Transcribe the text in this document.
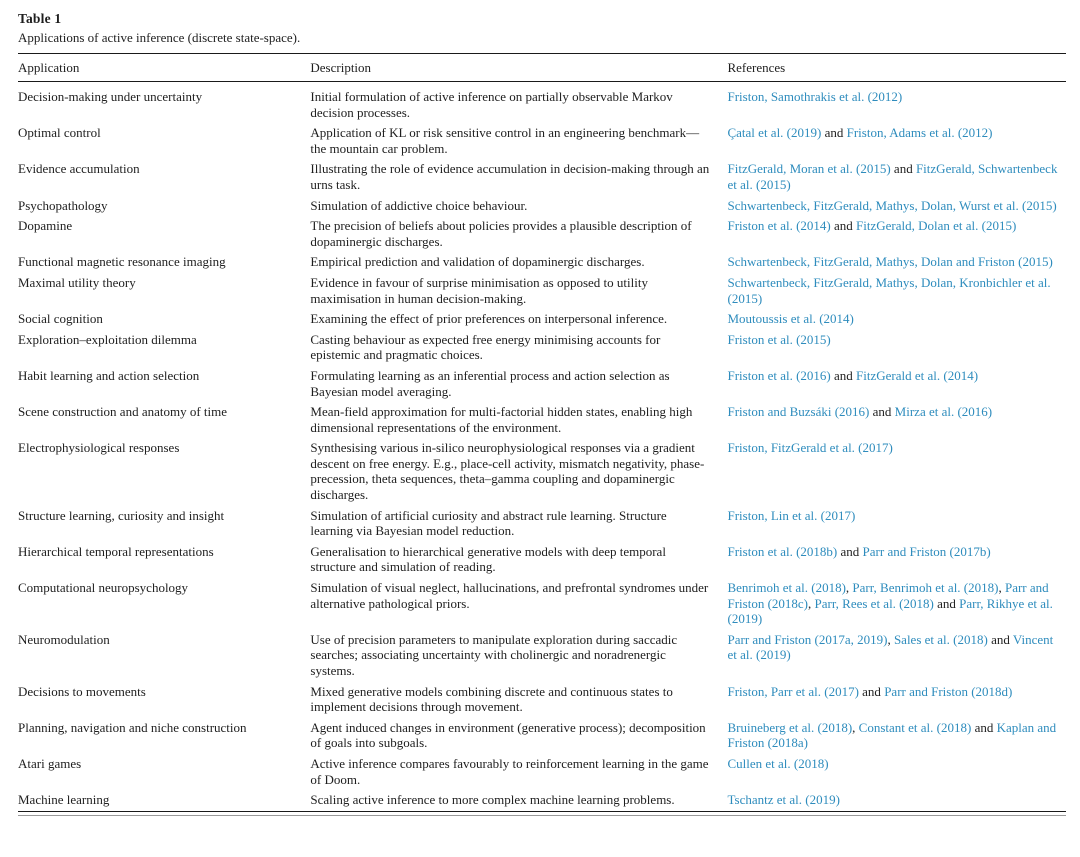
Table 1
Applications of active inference (discrete state-space).
Application	Description	References
Decision-making under uncertainty	Initial formulation of active inference on partially observable Markov decision processes.	Friston, Samothrakis et al. (2012)
Optimal control	Application of KL or risk sensitive control in an engineering benchmark—the mountain car problem.	Çatal et al. (2019) and Friston, Adams et al. (2012)
Evidence accumulation	Illustrating the role of evidence accumulation in decision-making through an urns task.	FitzGerald, Moran et al. (2015) and FitzGerald, Schwartenbeck et al. (2015)
Psychopathology	Simulation of addictive choice behaviour.	Schwartenbeck, FitzGerald, Mathys, Dolan, Wurst et al. (2015)
Dopamine	The precision of beliefs about policies provides a plausible description of dopaminergic discharges.	Friston et al. (2014) and FitzGerald, Dolan et al. (2015)
Functional magnetic resonance imaging	Empirical prediction and validation of dopaminergic discharges.	Schwartenbeck, FitzGerald, Mathys, Dolan and Friston (2015)
Maximal utility theory	Evidence in favour of surprise minimisation as opposed to utility maximisation in human decision-making.	Schwartenbeck, FitzGerald, Mathys, Dolan, Kronbichler et al. (2015)
Social cognition	Examining the effect of prior preferences on interpersonal inference.	Moutoussis et al. (2014)
Exploration–exploitation dilemma	Casting behaviour as expected free energy minimising accounts for epistemic and pragmatic choices.	Friston et al. (2015)
Habit learning and action selection	Formulating learning as an inferential process and action selection as Bayesian model averaging.	Friston et al. (2016) and FitzGerald et al. (2014)
Scene construction and anatomy of time	Mean-field approximation for multi-factorial hidden states, enabling high dimensional representations of the environment.	Friston and Buzsáki (2016) and Mirza et al. (2016)
Electrophysiological responses	Synthesising various in-silico neurophysiological responses via a gradient descent on free energy. E.g., place-cell activity, mismatch negativity, phase-precession, theta sequences, theta–gamma coupling and dopaminergic discharges.	Friston, FitzGerald et al. (2017)
Structure learning, curiosity and insight	Simulation of artificial curiosity and abstract rule learning. Structure learning via Bayesian model reduction.	Friston, Lin et al. (2017)
Hierarchical temporal representations	Generalisation to hierarchical generative models with deep temporal structure and simulation of reading.	Friston et al. (2018b) and Parr and Friston (2017b)
Computational neuropsychology	Simulation of visual neglect, hallucinations, and prefrontal syndromes under alternative pathological priors.	Benrimoh et al. (2018), Parr, Benrimoh et al. (2018), Parr and Friston (2018c), Parr, Rees et al. (2018) and Parr, Rikhye et al. (2019)
Neuromodulation	Use of precision parameters to manipulate exploration during saccadic searches; associating uncertainty with cholinergic and noradrenergic systems.	Parr and Friston (2017a, 2019), Sales et al. (2018) and Vincent et al. (2019)
Decisions to movements	Mixed generative models combining discrete and continuous states to implement decisions through movement.	Friston, Parr et al. (2017) and Parr and Friston (2018d)
Planning, navigation and niche construction	Agent induced changes in environment (generative process); decomposition of goals into subgoals.	Bruineberg et al. (2018), Constant et al. (2018) and Kaplan and Friston (2018a)
Atari games	Active inference compares favourably to reinforcement learning in the game of Doom.	Cullen et al. (2018)
Machine learning	Scaling active inference to more complex machine learning problems.	Tschantz et al. (2019)
